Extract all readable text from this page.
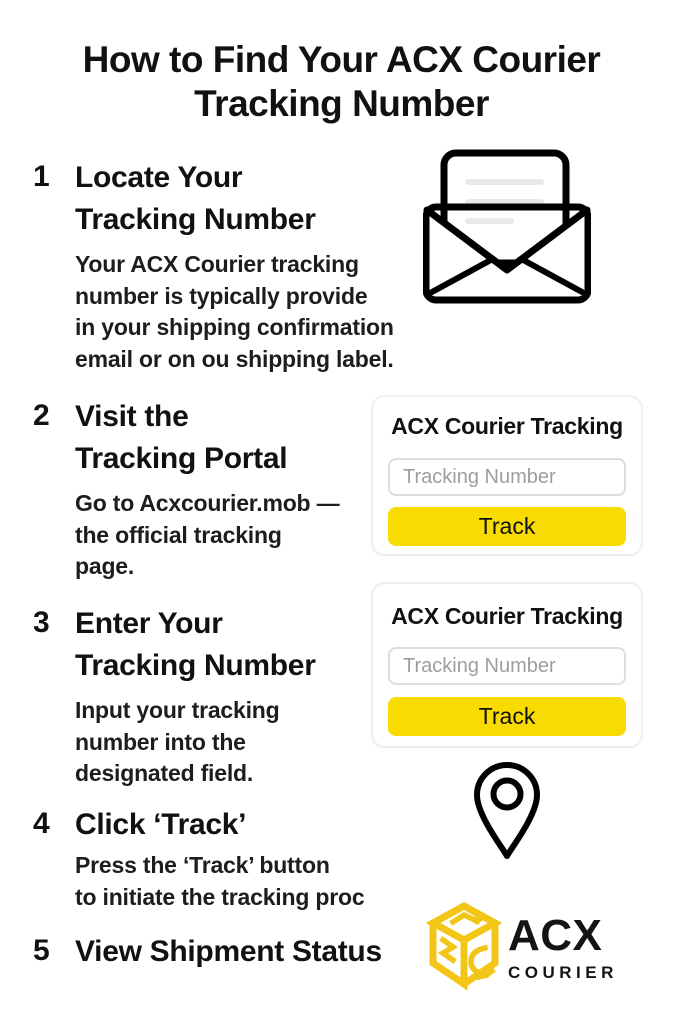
How to Find Your ACX Courier
Tracking Number
1 Locate Your
Tracking Number
Your ACX Courier tracking
number is typically provide
in your shipping confirmation
email or on ou shipping label.
2 Visit the
Tracking Portal
Go to Acxcourier.mob —
the official tracking
page.
ACX Courier Tracking
Tracking Number
Track
3 Enter Your
Tracking Number
Input your tracking
number into the
designated field.
ACX Courier Tracking
Tracking Number
Track
4 Click ‘Track’
Press the ‘Track’ button
to initiate the tracking proc
5 View Shipment Status	ACX
COURIER
